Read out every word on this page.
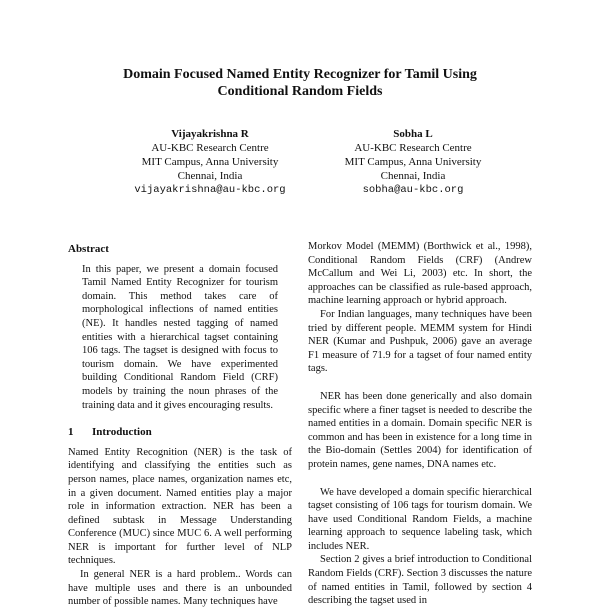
Domain Focused Named Entity Recognizer for Tamil Using
Conditional Random Fields
Vijayakrishna R
AU-KBC Research Centre
MIT Campus, Anna University
Chennai, India
vijayakrishna@au-kbc.org
Sobha L
AU-KBC Research Centre
MIT Campus, Anna University
Chennai, India
sobha@au-kbc.org

Abstract

In this paper, we present a domain focused Tamil Named Entity Recognizer for tourism domain. This method takes care of morphological inflections of named entities (NE). It handles nested tagging of named entities with a hierarchical tagset containing 106 tags. The tagset is designed with focus to tourism domain. We have experimented building Conditional Random Field (CRF) models by training the noun phrases of the training data and it gives encouraging results.

1 Introduction

Named Entity Recognition (NER) is the task of identifying and classifying the entities such as person names, place names, organization names etc, in a given document. Named entities play a major role in information extraction. NER has been a defined subtask in Message Understanding Conference (MUC) since MUC 6. A well performing NER is important for further level of NLP techniques.

In general NER is a hard problem.. Words can have multiple uses and there is an unbounded number of possible names. Many techniques have

Morkov Model (MEMM) (Borthwick et al., 1998), Conditional Random Fields (CRF) (Andrew McCallum and Wei Li, 2003) etc. In short, the approaches can be classified as rule-based approach, machine learning approach or hybrid approach.

For Indian languages, many techniques have been tried by different people. MEMM system for Hindi NER (Kumar and Pushpuk, 2006) gave an average F1 measure of 71.9 for a tagset of four named entity tags.

NER has been done generically and also domain specific where a finer tagset is needed to describe the named entities in a domain. Domain specific NER is common and has been in existence for a long time in the Bio-domain (Settles 2004) for identification of protein names, gene names, DNA names etc.

We have developed a domain specific hierarchical tagset consisting of 106 tags for tourism domain. We have used Conditional Random Fields, a machine learning approach to sequence labeling task, which includes NER.

Section 2 gives a brief introduction to Conditional Random Fields (CRF). Section 3 discusses the nature of named entities in Tamil, followed by section 4 describing the tagset used in
